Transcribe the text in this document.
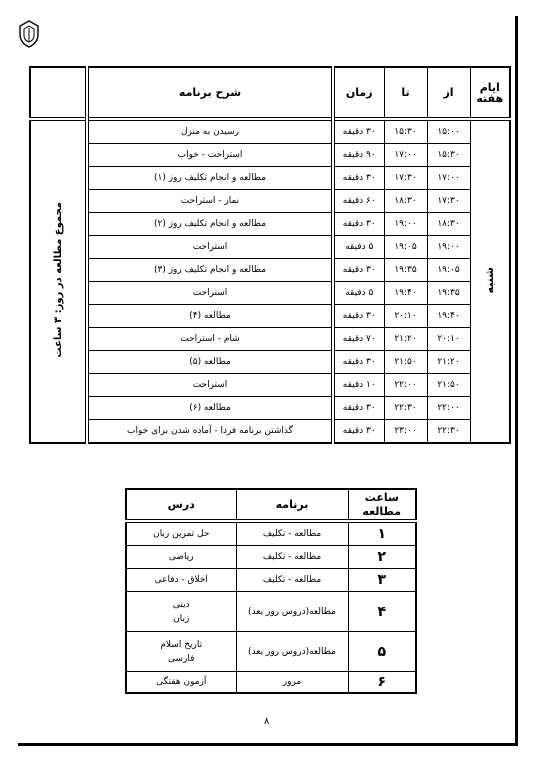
ایام هفته	از	تا	زمان	شرح برنامه	
شنبه	۱۵:۰۰	۱۵:۳۰	۳۰ دقیقه	رسیدن به منزل	مجموع مطالعه در روز: ۳ ساعت
	۱۵:۳۰	۱۷:۰۰	۹۰ دقیقه	استراحت - خواب	
	۱۷:۰۰	۱۷:۳۰	۳۰ دقیقه	مطالعه و انجام تکلیف روز (۱)	
	۱۷:۳۰	۱۸:۳۰	۶۰ دقیقه	نماز - استراحت	
	۱۸:۳۰	۱۹:۰۰	۳۰ دقیقه	مطالعه و انجام تکلیف روز (۲)	
	۱۹:۰۰	۱۹:۰۵	۵ دقیقه	استراحت	
	۱۹:۰۵	۱۹:۳۵	۳۰ دقیقه	مطالعه و انجام تکلیف روز (۳)	
	۱۹:۳۵	۱۹:۴۰	۵ دقیقه	استراحت	
	۱۹:۴۰	۲۰:۱۰	۳۰ دقیقه	مطالعه (۴)	
	۲۰:۱۰	۲۱:۲۰	۷۰ دقیقه	شام - استراحت	
	۲۱:۲۰	۲۱:۵۰	۳۰ دقیقه	مطالعه (۵)	
	۲۱:۵۰	۲۲:۰۰	۱۰ دقیقه	استراحت	
	۲۲:۰۰	۲۲:۳۰	۳۰ دقیقه	مطالعه (۶)	
	۲۲:۳۰	۲۳:۰۰	۳۰ دقیقه	گذاشتن برنامه فردا - آماده شدن برای خواب	
ساعت مطالعه	برنامه	درس
۱	مطالعه - تکلیف	حل تمرین زبان

۲	مطالعه - تکلیف	ریاضی

۳	مطالعه - تکلیف	اخلاق - دفاعی

۴	مطالعه(دروس روز بعد)	دینی
زبان

۵	مطالعه(دروس روز بعد)	تاریخ اسلام
فارسی

۶	مرور	آزمون هفتگی
۸
